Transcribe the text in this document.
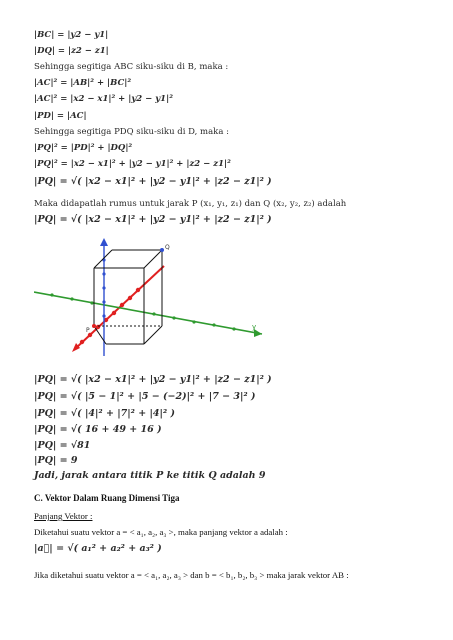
|BC| = |y2 − y1|
|DQ| = |z2 − z1|
Sehingga segitiga ABC siku-siku di B, maka :
|AC|² = |AB|² + |BC|²
|AC|² = |x2 − x1|² + |y2 − y1|²
|PD| = |AC|
Sehingga segitiga PDQ siku-siku di D, maka :
|PQ|² = |PD|² + |DQ|²
|PQ|² = |x2 − x1|² + |y2 − y1|² + |z2 − z1|²
|PQ| = √( |x2 − x1|² + |y2 − y1|² + |z2 − z1|² )
Maka didapatlah rumus untuk jarak P (x₁, y₁, z₁) dan Q (x₂, y₂, z₂) adalah
|PQ| = √( |x2 − x1|² + |y2 − y1|² + |z2 − z1|² )
y
P
Q
|PQ| = √( |x2 − x1|² + |y2 − y1|² + |z2 − z1|² )
|PQ| = √( |5 − 1|² + |5 − (−2)|² + |7 − 3|² )
|PQ| = √( |4|² + |7|² + |4|² )
|PQ| = √( 16 + 49 + 16 )
|PQ| = √81
|PQ| = 9
Jadi, jarak antara titik P ke titik Q adalah 9
C. Vektor Dalam Ruang Dimensi Tiga
Panjang Vektor :
Diketahui suatu vektor a = < a₁, a₂, a₃ >, maka panjang vektor a adalah :
|a⃗| = √( a₁² + a₂² + a₃² )
Jika diketahui suatu vektor a = < a₁, a₂, a₃ > dan b = < b₁, b₂, b₃ > maka jarak vektor AB :
